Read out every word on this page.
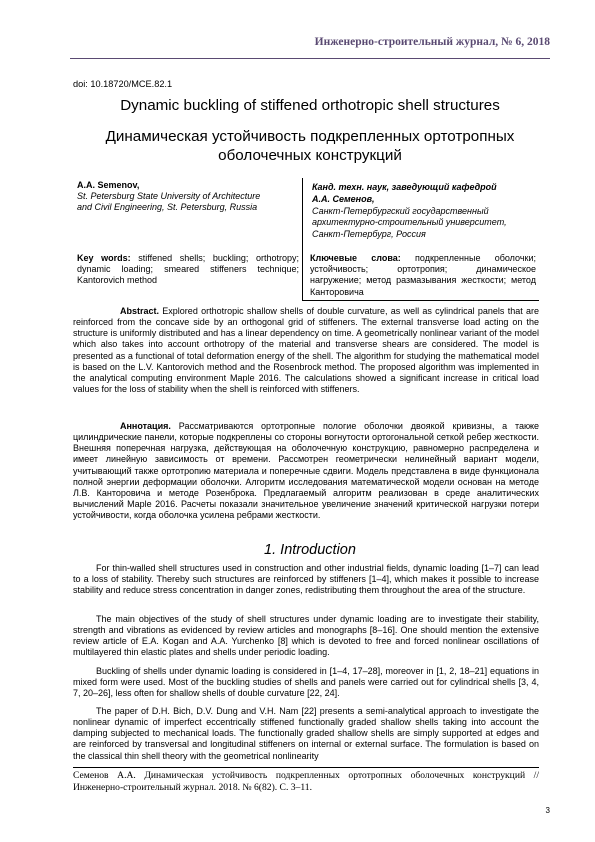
Инженерно-строительный журнал, № 6, 2018
doi: 10.18720/MCE.82.1
Dynamic buckling of stiffened orthotropic shell structures
Динамическая устойчивость подкрепленных ортотропных
оболочечных конструкций
A.A. Semenov,
St. Petersburg State University of Architecture
and Civil Engineering, St. Petersburg, Russia
Канд. техн. наук, заведующий кафедрой
А.А. Семенов,
Санкт-Петербургский государственный
архитектурно-строительный университет,
Санкт-Петербург, Россия
Key words: stiffened shells; buckling; orthotropy; dynamic loading; smeared stiffeners technique; Kantorovich method
Ключевые слова: подкрепленные оболочки; устойчивость; ортотропия; динамическое нагружение; метод размазывания жесткости; метод Канторовича
Abstract. Explored orthotropic shallow shells of double curvature, as well as cylindrical panels that are reinforced from the concave side by an orthogonal grid of stiffeners. The external transverse load acting on the structure is uniformly distributed and has a linear dependency on time. A geometrically nonlinear variant of the model which also takes into account orthotropy of the material and transverse shears are considered. The model is presented as a functional of total deformation energy of the shell. The algorithm for studying the mathematical model is based on the L.V. Kantorovich method and the Rosenbrock method. The proposed algorithm was implemented in the analytical computing environment Maple 2016. The calculations showed a significant increase in critical load values for the loss of stability when the shell is reinforced with stiffeners.
Аннотация. Рассматриваются ортотропные пологие оболочки двоякой кривизны, а также цилиндрические панели, которые подкреплены со стороны вогнутости ортогональной сеткой ребер жесткости. Внешняя поперечная нагрузка, действующая на оболочечную конструкцию, равномерно распределена и имеет линейную зависимость от времени. Рассмотрен геометрически нелинейный вариант модели, учитывающий также ортотропию материала и поперечные сдвиги. Модель представлена в виде функционала полной энергии деформации оболочки. Алгоритм исследования математической модели основан на методе Л.В. Канторовича и методе Розенброка. Предлагаемый алгоритм реализован в среде аналитических вычислений Maple 2016. Расчеты показали значительное увеличение значений критической нагрузки потери устойчивости, когда оболочка усилена ребрами жесткости.
1. Introduction
For thin-walled shell structures used in construction and other industrial fields, dynamic loading [1–7] can lead to a loss of stability. Thereby such structures are reinforced by stiffeners [1–4], which makes it possible to increase stability and reduce stress concentration in danger zones, redistributing them throughout the area of the structure.
The main objectives of the study of shell structures under dynamic loading are to investigate their stability, strength and vibrations as evidenced by review articles and monographs [8–16]. One should mention the extensive review article of E.A. Kogan and A.A. Yurchenko [8] which is devoted to free and forced nonlinear oscillations of multilayered thin elastic plates and shells under periodic loading.
Buckling of shells under dynamic loading is considered in [1–4, 17–28], moreover in [1, 2, 18–21] equations in mixed form were used. Most of the buckling studies of shells and panels were carried out for cylindrical shells [3, 4, 7, 20–26], less often for shallow shells of double curvature [22, 24].
The paper of D.H. Bich, D.V. Dung and V.H. Nam [22] presents a semi-analytical approach to investigate the nonlinear dynamic of imperfect eccentrically stiffened functionally graded shallow shells taking into account the damping subjected to mechanical loads. The functionally graded shallow shells are simply supported at edges and are reinforced by transversal and longitudinal stiffeners on internal or external surface. The formulation is based on the classical thin shell theory with the geometrical nonlinearity
Семенов А.А. Динамическая устойчивость подкрепленных ортотропных оболочечных конструкций // Инженерно-строительный журнал. 2018. № 6(82). С. 3–11.
3
